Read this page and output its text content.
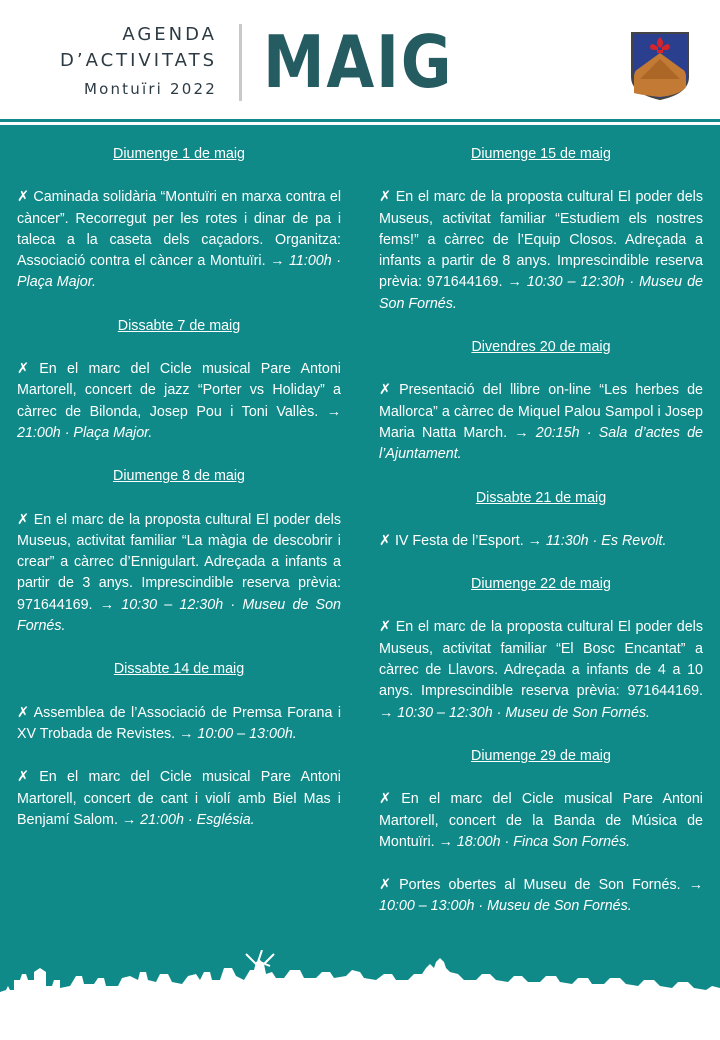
AGENDA
D’ACTIVITATS
Montuïri 2022 MAIG
Diumenge 1 de maig
✗ Caminada solidària “Montuïri en marxa contra el càncer”. Recorregut per les rotes i dinar de pa i taleca a la caseta dels caçadors. Organitza: Associació contra el càncer a Montuïri. → 11:00h · Plaça Major.
Dissabte 7 de maig
✗ En el marc del Cicle musical Pare Antoni Martorell, concert de jazz “Porter vs Holiday” a càrrec de Bilonda, Josep Pou i Toni Vallès. → 21:00h · Plaça Major.
Diumenge 8 de maig
✗ En el marc de la proposta cultural El poder dels Museus, activitat familiar “La màgia de descobrir i crear” a càrrec d’Ennigulart. Adreçada a infants a partir de 3 anys. Imprescindible reserva prèvia: 971644169. → 10:30 – 12:30h · Museu de Son Fornés.
Dissabte 14 de maig
✗ Assemblea de l’Associació de Premsa Forana i XV Trobada de Revistes. → 10:00 – 13:00h.
✗ En el marc del Cicle musical Pare Antoni Martorell, concert de cant i violí amb Biel Mas i Benjamí Salom. → 21:00h · Església.
Diumenge 15 de maig
✗ En el marc de la proposta cultural El poder dels Museus, activitat familiar “Estudiem els nostres fems!” a càrrec de l’Equip Closos. Adreçada a infants a partir de 8 anys. Imprescindible reserva prèvia: 971644169. → 10:30 – 12:30h · Museu de Son Fornés.
Divendres 20 de maig
✗ Presentació del llibre on-line “Les herbes de Mallorca” a càrrec de Miquel Palou Sampol i Josep Maria Natta March. → 20:15h · Sala d’actes de l’Ajuntament.
Dissabte 21 de maig
✗ IV Festa de l’Esport. → 11:30h · Es Revolt.
Diumenge 22 de maig
✗ En el marc de la proposta cultural El poder dels Museus, activitat familiar “El Bosc Encantat” a càrrec de Llavors. Adreçada a infants de 4 a 10 anys. Imprescindible reserva prèvia: 971644169. → 10:30 – 12:30h · Museu de Son Fornés.
Diumenge 29 de maig
✗ En el marc del Cicle musical Pare Antoni Martorell, concert de la Banda de Música de Montuïri. → 18:00h · Finca Son Fornés.
✗ Portes obertes al Museu de Son Fornés. → 10:00 – 13:00h · Museu de Son Fornés.
